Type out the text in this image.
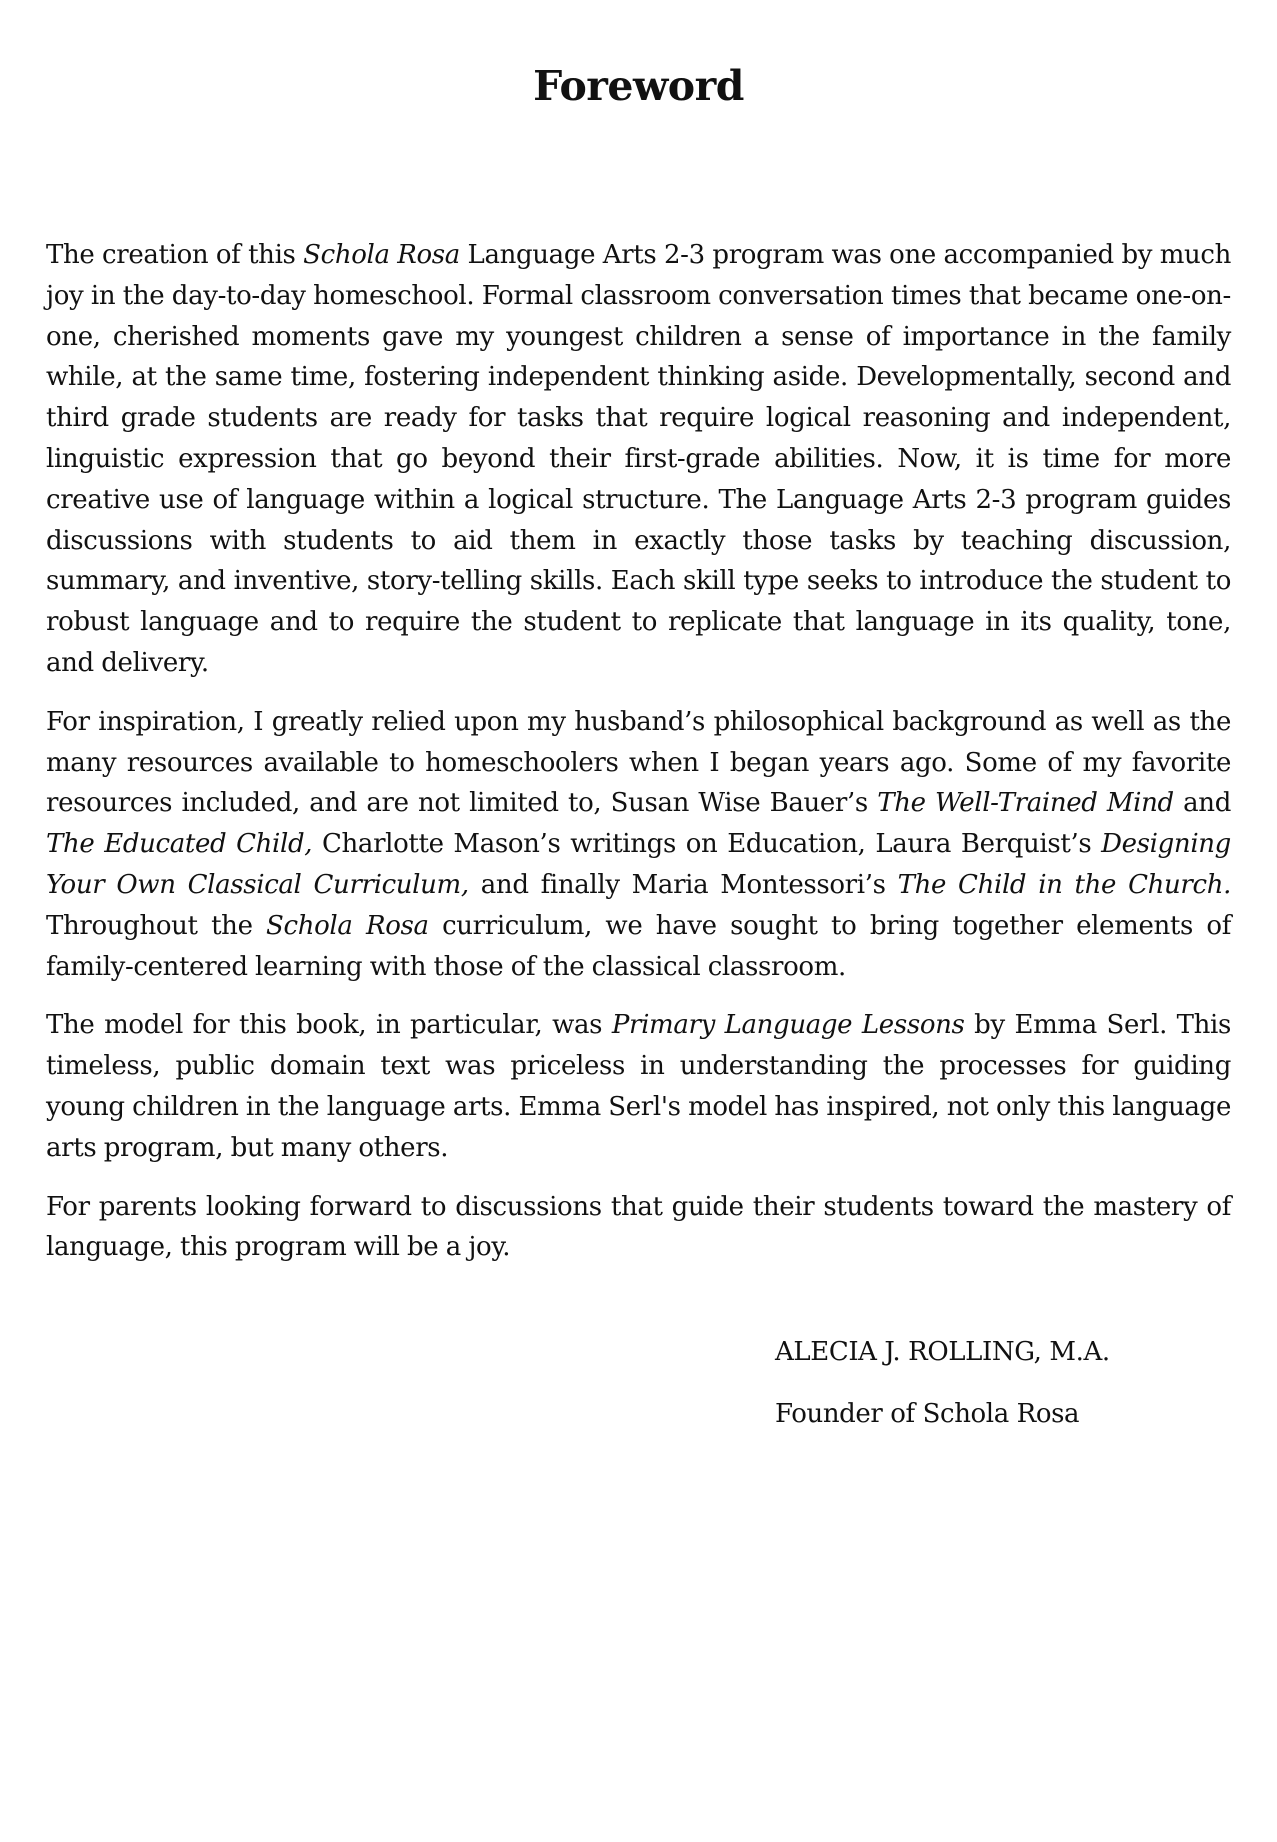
Foreword

The creation of this Schola Rosa Language Arts 2-3 program was one accompanied by much joy in the day-to-day homeschool. Formal classroom conversation times that became one-on-one, cherished moments gave my youngest children a sense of importance in the family while, at the same time, fostering independent thinking aside. Developmentally, second and third grade students are ready for tasks that require logical reasoning and independent, linguistic expression that go beyond their first-grade abilities. Now, it is time for more creative use of language within a logical structure. The Language Arts 2-3 program guides discussions with students to aid them in exactly those tasks by teaching discussion, summary, and inventive, story-telling skills. Each skill type seeks to introduce the student to robust language and to require the student to replicate that language in its quality, tone, and delivery.

For inspiration, I greatly relied upon my husband’s philosophical background as well as the many resources available to homeschoolers when I began years ago. Some of my favorite resources included, and are not limited to, Susan Wise Bauer’s The Well-Trained Mind and The Educated Child, Charlotte Mason’s writings on Education, Laura Berquist’s Designing Your Own Classical Curriculum, and finally Maria Montessori’s The Child in the Church. Throughout the Schola Rosa curriculum, we have sought to bring together elements of family-centered learning with those of the classical classroom.

The model for this book, in particular, was Primary Language Lessons by Emma Serl. This timeless, public domain text was priceless in understanding the processes for guiding young children in the language arts. Emma Serl's model has inspired, not only this language arts program, but many others.

For parents looking forward to discussions that guide their students toward the mastery of language, this program will be a joy.

ALECIA J. ROLLING, M.A.

Founder of Schola Rosa
